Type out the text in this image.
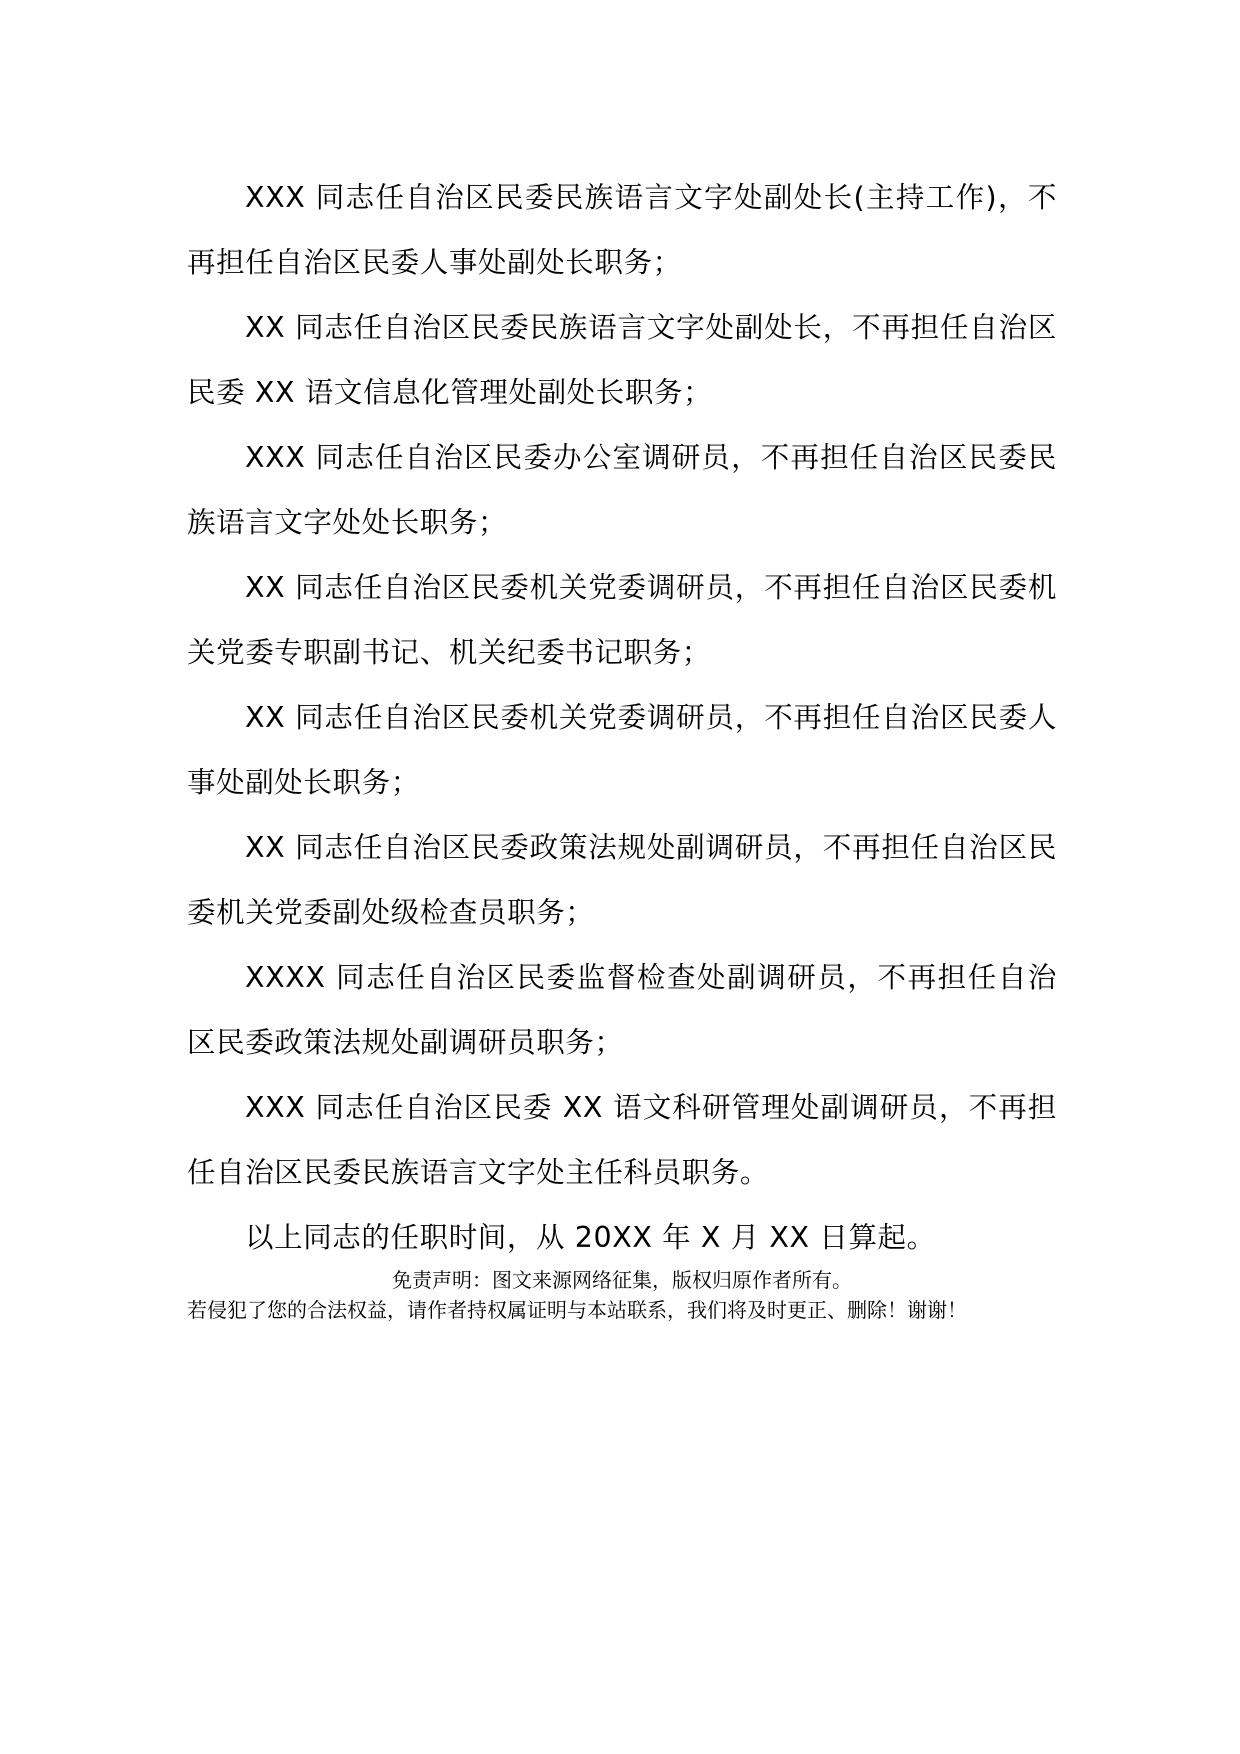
XXX 同志任自治区民委民族语言文字处副处长(主持工作)，不再担任自治区民委人事处副处长职务；

XX 同志任自治区民委民族语言文字处副处长，不再担任自治区民委 XX 语文信息化管理处副处长职务；

XXX 同志任自治区民委办公室调研员，不再担任自治区民委民族语言文字处处长职务；

XX 同志任自治区民委机关党委调研员，不再担任自治区民委机关党委专职副书记、机关纪委书记职务；

XX 同志任自治区民委机关党委调研员，不再担任自治区民委人事处副处长职务；

XX 同志任自治区民委政策法规处副调研员，不再担任自治区民委机关党委副处级检查员职务；

XXXX 同志任自治区民委监督检查处副调研员，不再担任自治区民委政策法规处副调研员职务；

XXX 同志任自治区民委 XX 语文科研管理处副调研员，不再担任自治区民委民族语言文字处主任科员职务。

以上同志的任职时间，从 20XX 年 X 月 XX 日算起。

免责声明：图文来源网络征集，版权归原作者所有。
若侵犯了您的合法权益，请作者持权属证明与本站联系，我们将及时更正、删除！谢谢！
